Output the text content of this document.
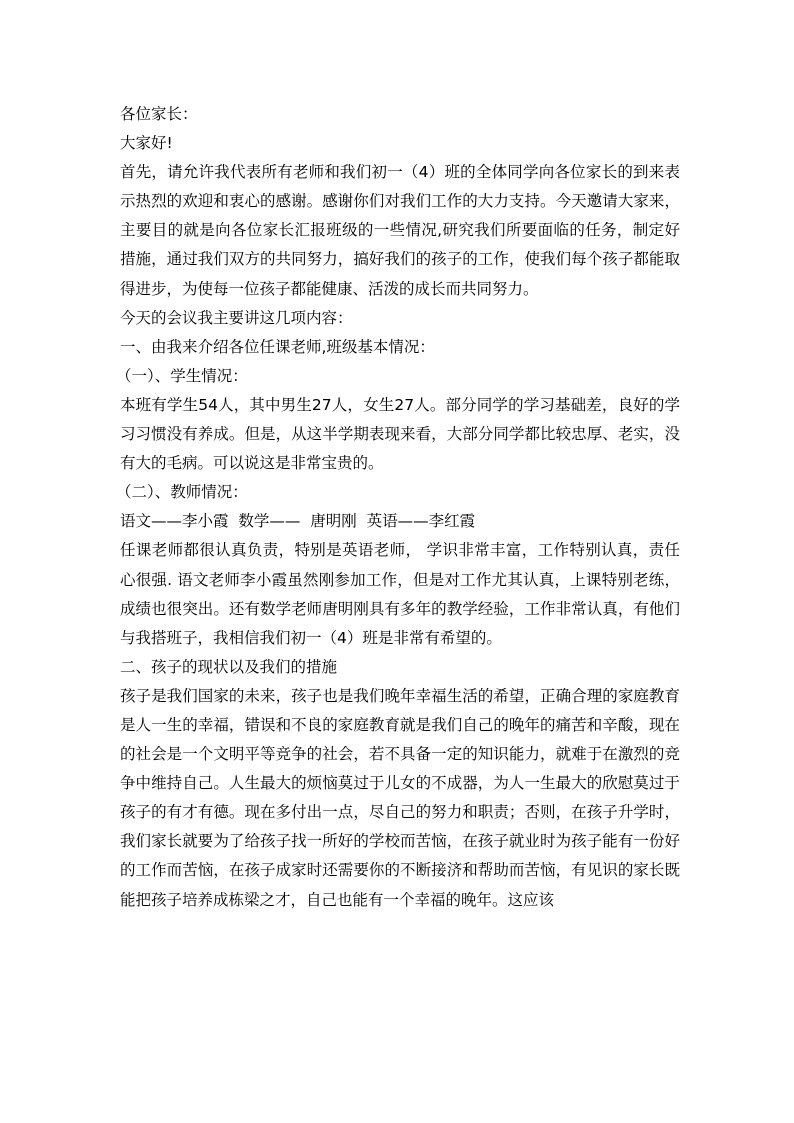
各位家长：

大家好!

首先，请允许我代表所有老师和我们初一（4）班的全体同学向各位家长的到来表示热烈的欢迎和衷心的感谢。感谢你们对我们工作的大力支持。今天邀请大家来，主要目的就是向各位家长汇报班级的一些情况,研究我们所要面临的任务，制定好措施，通过我们双方的共同努力，搞好我们的孩子的工作，使我们每个孩子都能取得进步，为使每一位孩子都能健康、活泼的成长而共同努力。

今天的会议我主要讲这几项内容：

一、由我来介绍各位任课老师,班级基本情况：

（一）、学生情况：

本班有学生54人，其中男生27人，女生27人。部分同学的学习基础差，良好的学习习惯没有养成。但是，从这半学期表现来看，大部分同学都比较忠厚、老实，没有大的毛病。可以说这是非常宝贵的。

（二）、教师情况：

语文——李小霞  数学——  唐明刚  英语——李红霞

任课老师都很认真负责，特别是英语老师， 学识非常丰富，工作特别认真，责任心很强. 语文老师李小霞虽然刚参加工作，但是对工作尤其认真，上课特别老练，成绩也很突出。还有数学老师唐明刚具有多年的教学经验，工作非常认真，有他们与我搭班子，我相信我们初一（4）班是非常有希望的。

二、孩子的现状以及我们的措施

孩子是我们国家的未来，孩子也是我们晚年幸福生活的希望，正确合理的家庭教育是人一生的幸福，错误和不良的家庭教育就是我们自己的晚年的痛苦和辛酸，现在的社会是一个文明平等竞争的社会，若不具备一定的知识能力，就难于在激烈的竞争中维持自己。人生最大的烦恼莫过于儿女的不成器，为人一生最大的欣慰莫过于孩子的有才有德。现在多付出一点，尽自己的努力和职责；否则，在孩子升学时，我们家长就要为了给孩子找一所好的学校而苦恼，在孩子就业时为孩子能有一份好的工作而苦恼，在孩子成家时还需要你的不断接济和帮助而苦恼，有见识的家长既能把孩子培养成栋梁之才，自己也能有一个幸福的晚年。这应该
